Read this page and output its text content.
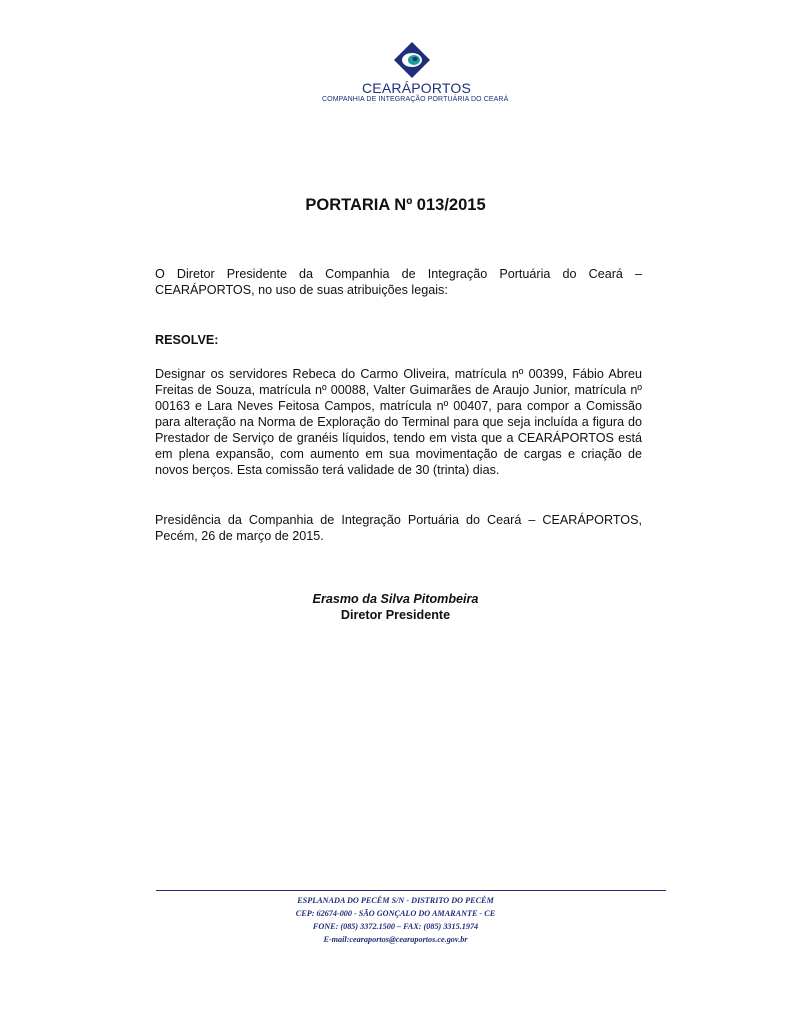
CEARÁPORTOS
COMPANHIA DE INTEGRAÇÃO PORTUÁRIA DO CEARÁ
PORTARIA Nº 013/2015
O Diretor Presidente da Companhia de Integração Portuária do Ceará – CEARÁPORTOS, no uso de suas atribuições legais:
RESOLVE:
Designar os servidores Rebeca do Carmo Oliveira, matrícula nº 00399, Fábio Abreu Freitas de Souza, matrícula nº 00088, Valter Guimarães de Araujo Junior, matrícula nº 00163 e Lara Neves Feitosa Campos, matrícula nº 00407, para compor a Comissão para alteração na Norma de Exploração do Terminal para que seja incluída a figura do Prestador de Serviço de granéis líquidos, tendo em vista que a CEARÁPORTOS está em plena expansão, com aumento em sua movimentação de cargas e criação de novos berços. Esta comissão terá validade de 30 (trinta) dias.
Presidência da Companhia de Integração Portuária do Ceará – CEARÁPORTOS, Pecém, 26 de março de 2015.
Erasmo da Silva Pitombeira
Diretor Presidente
ESPLANADA DO PECÉM S/N - DISTRITO DO PECÉM
CEP: 62674-000 - SÃO GONÇALO DO AMARANTE - CE
FONE: (085) 3372.1500 – FAX: (085) 3315.1974
E-mail:cearaportos@cearaportos.ce.gov.br
